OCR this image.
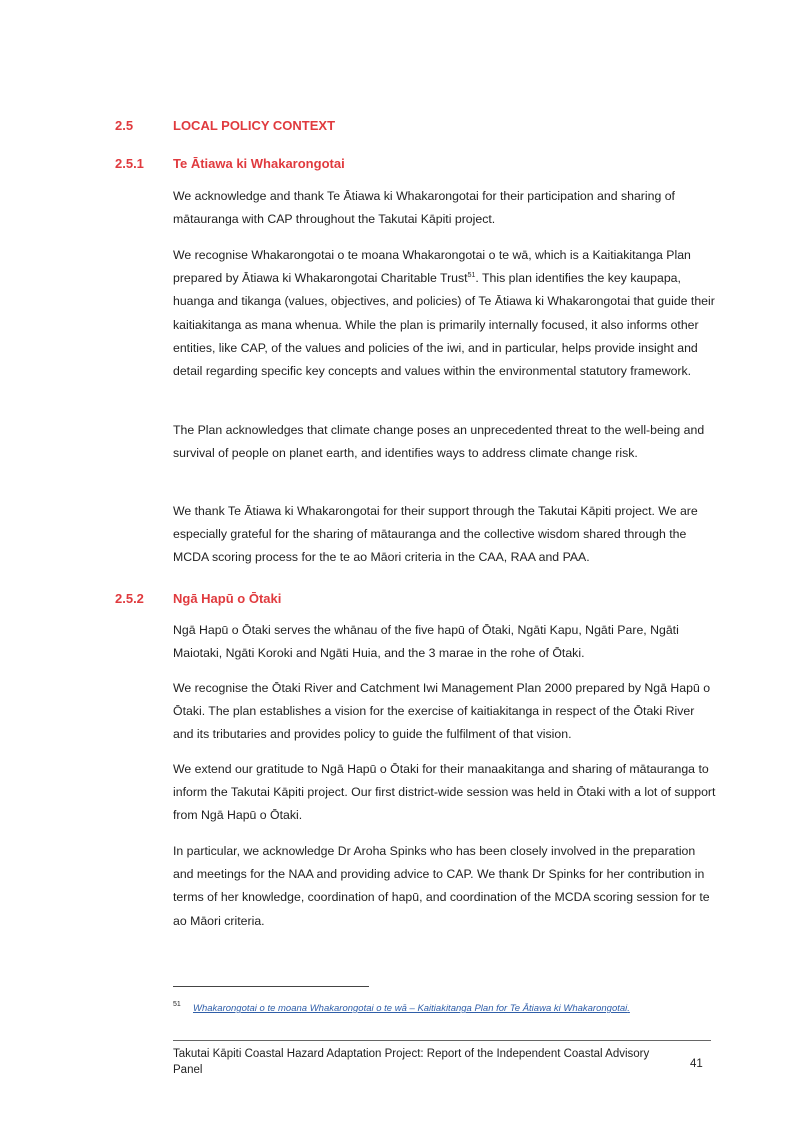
2.5	LOCAL POLICY CONTEXT
2.5.1 Te Ātiawa ki Whakarongotai

We acknowledge and thank Te Ātiawa ki Whakarongotai for their participation and sharing of mātauranga with CAP throughout the Takutai Kāpiti project.

We recognise Whakarongotai o te moana Whakarongotai o te wā, which is a Kaitiakitanga Plan prepared by Ātiawa ki Whakarongotai Charitable Trust$^{51}$. This plan identifies the key kaupapa, huanga and tikanga (values, objectives, and policies) of Te Ātiawa ki Whakarongotai that guide their kaitiakitanga as mana whenua. While the plan is primarily internally focused, it also informs other entities, like CAP, of the values and policies of the iwi, and in particular, helps provide insight and detail regarding specific key concepts and values within the environmental statutory framework.

The Plan acknowledges that climate change poses an unprecedented threat to the well-being and survival of people on planet earth, and identifies ways to address climate change risk.

We thank Te Ātiawa ki Whakarongotai for their support through the Takutai Kāpiti project. We are especially grateful for the sharing of mātauranga and the collective wisdom shared through the MCDA scoring process for the te ao Māori criteria in the CAA, RAA and PAA.

2.5.2 Ngā Hapū o Ōtaki

Ngā Hapū o Ōtaki serves the whānau of the five hapū of Ōtaki, Ngāti Kapu, Ngāti Pare, Ngāti Maiotaki, Ngāti Koroki and Ngāti Huia, and the 3 marae in the rohe of Ōtaki.

We recognise the Ōtaki River and Catchment Iwi Management Plan 2000 prepared by Ngā Hapū o Ōtaki. The plan establishes a vision for the exercise of kaitiakitanga in respect of the Ōtaki River and its tributaries and provides policy to guide the fulfilment of that vision.

We extend our gratitude to Ngā Hapū o Ōtaki for their manaakitanga and sharing of mātauranga to inform the Takutai Kāpiti project. Our first district-wide session was held in Ōtaki with a lot of support from Ngā Hapū o Ōtaki.

In particular, we acknowledge Dr Aroha Spinks who has been closely involved in the preparation and meetings for the NAA and providing advice to CAP. We thank Dr Spinks for her contribution in terms of her knowledge, coordination of hapū, and coordination of the MCDA scoring session for te ao Māori criteria.

51 Whakarongotai o te moana Whakarongotai o te wā – Kaitiakitanga Plan for Te Ātiawa ki Whakarongotai.
Takutai Kāpiti Coastal Hazard Adaptation Project: Report of the Independent Coastal Advisory Panel	41
